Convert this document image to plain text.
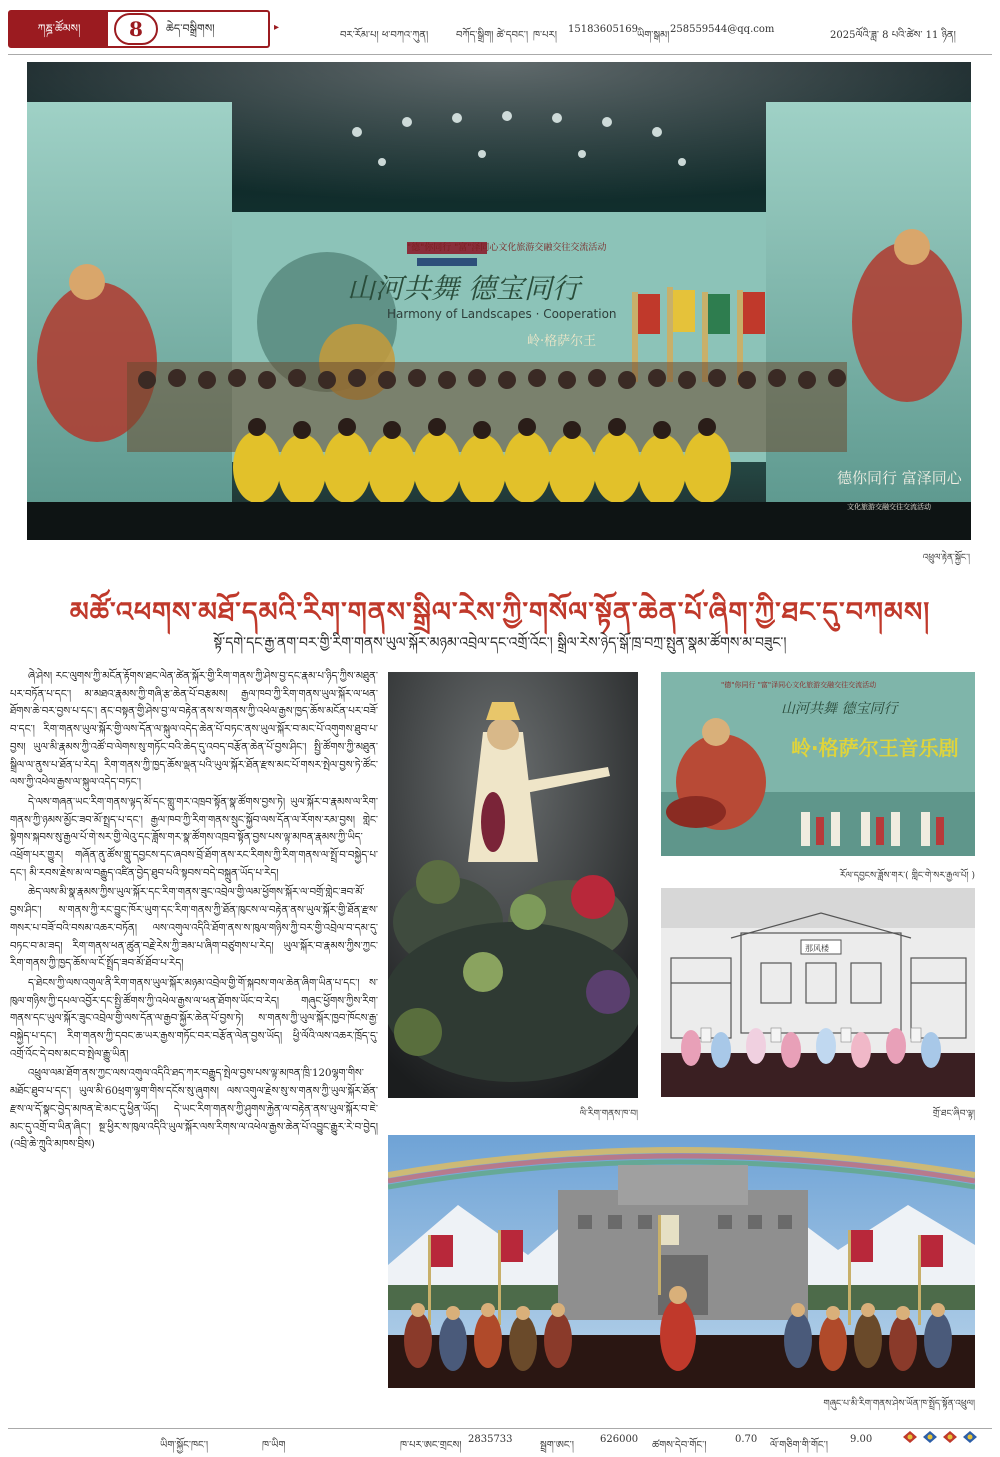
ཀཎྜ་ཚོམས།	8	ཆེད་བསྒྲིགས།	▸
བར་རོམ་པ། ཕ་བཀའ་ཀུན།	བཀོད་སྒྲིག། ཚེ་དབང་། ཁ་པར།
15183605169
ཡིག་སྒམ།
258559544@qq.com
2025ལོའི་ཟླ་ 8 པའི་ཚེས་ 11 ཉིན།
"德"你同行 "富"泽同心文化旅游交融交往交流活动
山河共舞 德宝同行
Harmony of Landscapes · Cooperation
岭·格萨尔王
德你同行 富泽同心
文化旅游交融交往交流活动
འཕྲུལ་རྟེན་སྐྱོང་།
མཚོ་འཕགས་མཐོ་དམའི་རིག་གནས་སྒྲིལ་རེས་ཀྱི་གསོལ་སྟོན་ཆེན་པོ་ཞིག་ཀྱི་ཐང་དུ་བཀམས།
སྟོ་དགེ་དང་རྒྱ་ནག་བར་གྱི་རིག་གནས་ཡུལ་སྐོར་མཉམ་འབྲེལ་དང་འགྲོ་འོང་། སྒྲིལ་རེས་ཉེད་སྒོ་ཁྲ་བཀྲ་སྤུན་སྣམ་ཚོགས་མ་བཟུང་།

ཞེ་ཤེས། རང་ལུགས་ཀྱི་མངོན་རྟོགས་ཐང་ལེན་ཚེན་སྐོར་གྱི་རིག་གནས་ཀྱི་ཤེས་བྱ་དང་རྣམ་པ་ཉིད་ཀྱིས་མཐུན་པར་བཏོན་པ་དང་། མ་མཐའ་རྣམས་ཀྱི་གཞི་རྩ་ཆེན་པོ་བརྩམས། རྒྱལ་ཁབ་ཀྱི་རིག་གནས་ཡུལ་སྐོར་ལ་ཕན་ཐོགས་ཆེ་བར་བྱས་པ་དང་། ནང་བསྟན་གྱི་ཤེས་བྱ་ལ་བརྟེན་ནས་ས་གནས་ཀྱི་འཕེལ་རྒྱས་ཁྱད་ཆོས་མངོན་པར་བཟོ་བ་དང་། རིག་གནས་ཡུལ་སྐོར་གྱི་ལས་དོན་ལ་སྐུལ་འདེད་ཆེན་པོ་བཏང་ནས་ཡུལ་སྐོར་བ་མང་པོ་འགུགས་ཐུབ་པ་བྱས། ཡུལ་མི་རྣམས་ཀྱི་འཚོ་བ་ལེགས་སུ་གཏོང་བའི་ཆེད་དུ་འབད་བརྩོན་ཆེན་པོ་བྱས་ཤིང་། སྤྱི་ཚོགས་ཀྱི་མཐུན་སྒྲིལ་ལ་ནུས་པ་ཐོན་པ་རེད། རིག་གནས་ཀྱི་ཁྱད་ཆོས་ལྡན་པའི་ཡུལ་སྐོར་ཐོན་རྫས་མང་པོ་གསར་སྤེལ་བྱས་ཏེ་ཚོང་ལས་ཀྱི་འཕེལ་རྒྱས་ལ་སྐུལ་འདེད་བཏང་།

དེ་ལས་གཞན་ཡང་རིག་གནས་ལྟད་མོ་དང་གླུ་གར་འཁྲབ་སྟོན་སྣ་ཚོགས་བྱས་ཏེ། ཡུལ་སྐོར་བ་རྣམས་ལ་རིག་གནས་ཀྱི་ཉམས་མྱོང་ཟབ་མོ་སྤྲད་པ་དང་། རྒྱལ་ཁབ་ཀྱི་རིག་གནས་སྲུང་སྐྱོབ་ལས་དོན་ལ་རོགས་རམ་བྱས། གླེང་སྟེགས་སྐབས་སུ་རྒྱལ་པོ་གེ་སར་གྱི་ལེའུ་དང་ཟློས་གར་སྣ་ཚོགས་འཁྲབ་སྟོན་བྱས་པས་ལྟ་མཁན་རྣམས་ཀྱི་ཡིད་འཕྲོག་པར་གྱུར། གཞོན་ནུ་ཚོས་གླུ་དབྱངས་དང་ཞབས་བྲོ་ཐོག་ནས་རང་རིགས་ཀྱི་རིག་གནས་ལ་སྤྲོ་བ་བསྐྱེད་པ་དང་། མི་རབས་རྗེས་མ་ལ་བརྒྱུད་འཛིན་བྱེད་ཐུབ་པའི་སྟབས་བདེ་བསྐྲུན་ཡོད་པ་རེད།

ཆེད་ལས་མི་སྣ་རྣམས་ཀྱིས་ཡུལ་སྐོར་དང་རིག་གནས་ཟུང་འབྲེལ་གྱི་ལམ་ཕྱོགས་སྐོར་ལ་བགྲོ་གླེང་ཟབ་མོ་བྱས་ཤིང་། ས་གནས་ཀྱི་རང་བྱུང་ཁོར་ཡུག་དང་རིག་གནས་ཀྱི་ཐོན་ཁུངས་ལ་བརྟེན་ནས་ཡུལ་སྐོར་གྱི་ཐོན་རྫས་གསར་པ་བཟོ་བའི་བསམ་འཆར་བཏོན། ལས་འགུལ་འདིའི་ཐོག་ནས་ས་ཁུལ་གཉིས་ཀྱི་བར་གྱི་འབྲེལ་བ་དམ་དུ་བཏང་བ་མ་ཟད། རིག་གནས་ཕན་ཚུན་བརྗེ་རེས་ཀྱི་ཟམ་པ་ཞིག་བཙུགས་པ་རེད། ཡུལ་སྐོར་བ་རྣམས་ཀྱིས་ཀྱང་རིག་གནས་ཀྱི་ཁྱད་ཆོས་ལ་ངོ་སྤྲོད་ཟབ་མོ་ཐོབ་པ་རེད།

ད་ཐེངས་ཀྱི་ལས་འགུལ་ནི་རིག་གནས་ཡུལ་སྐོར་མཉམ་འབྲེལ་གྱི་གོ་སྐབས་གལ་ཆེན་ཞིག་ཡིན་པ་དང་། ས་ཁུལ་གཉིས་ཀྱི་དཔལ་འབྱོར་དང་སྤྱི་ཚོགས་ཀྱི་འཕེལ་རྒྱས་ལ་ཕན་ཐོགས་ཡོང་བ་རེད། གཞུང་ཕྱོགས་ཀྱིས་རིག་གནས་དང་ཡུལ་སྐོར་ཟུང་འབྲེལ་གྱི་ལས་དོན་ལ་རྒྱབ་སྐྱོར་ཆེན་པོ་བྱས་ཏེ། ས་གནས་ཀྱི་ཡུལ་སྐོར་ཁྱབ་ཁོངས་རྒྱ་བསྐྱེད་པ་དང་། རིག་གནས་ཀྱི་དབང་ཆ་ཡར་རྒྱས་གཏོང་བར་བརྩོན་ལེན་བྱས་ཡོད། ཕྱི་ལོའི་ལས་འཆར་ཁྲོད་དུ་འགྲོ་འོང་དེ་བས་མང་བ་སྤེལ་རྒྱུ་ཡིན།

འཕྲུལ་ལམ་ཐོག་ནས་ཀྱང་ལས་འགུལ་འདིའི་ཐད་ཀར་བརྒྱུད་སྤེལ་བྱས་པས་ལྟ་མཁན་ཁྲི་120ལྷག་གིས་མཐོང་ཐུབ་པ་དང་། ཡུལ་མི་60ཕྲག་ལྷག་གིས་དངོས་སུ་ཞུགས། ལས་འགུལ་རྗེས་སུ་ས་གནས་ཀྱི་ཡུལ་སྐོར་ཐོན་རྫས་ལ་དོ་སྣང་བྱེད་མཁན་ཇེ་མང་དུ་ཕྱིན་ཡོད། དེ་ཡང་རིག་གནས་ཀྱི་ཤུགས་རྐྱེན་ལ་བརྟེན་ནས་ཡུལ་སྐོར་བ་ཇེ་མང་དུ་འགྲོ་བ་ཡིན་ཞིང་། སྔ་ཕྱིར་ས་ཁུལ་འདིའི་ཡུལ་སྐོར་ལས་རིགས་ལ་འཕེལ་རྒྱས་ཆེན་པོ་འབྱུང་རྒྱུར་རེ་བ་བྱེད། (འབྲི་ཆེ་ཀྲུའི་མཁས་བྲིས)

ལི་རིག་གནས་ཁ་བ།
"德"你同行 "富"泽同心文化旅游交融交往交流活动
山河共舞 德宝同行
岭·格萨尔王音乐剧
རོལ་དབྱངས་ཟློས་གར་( གླིང་གེ་སར་རྒྱལ་པོ། )
那风楼
གྲོ་ཐང་ཞིབ་ལྟ།
གཞུང་པ་མི་རིག་གནས་ཤེས་ཡོན་ཁ་སྤྲོད་སྟོན་འཕྲུལ།
ཡིག་སྐྱོང་ཁང་།	ཁ་ཡིག	ཁ་པར་ཨང་གྲངས།
2835733
སྦྲག་ཨང་།
626000
ཚགས་དེབ་གོང་།
0.70
ལོ་གཅིག་གི་གོང་།
9.00
